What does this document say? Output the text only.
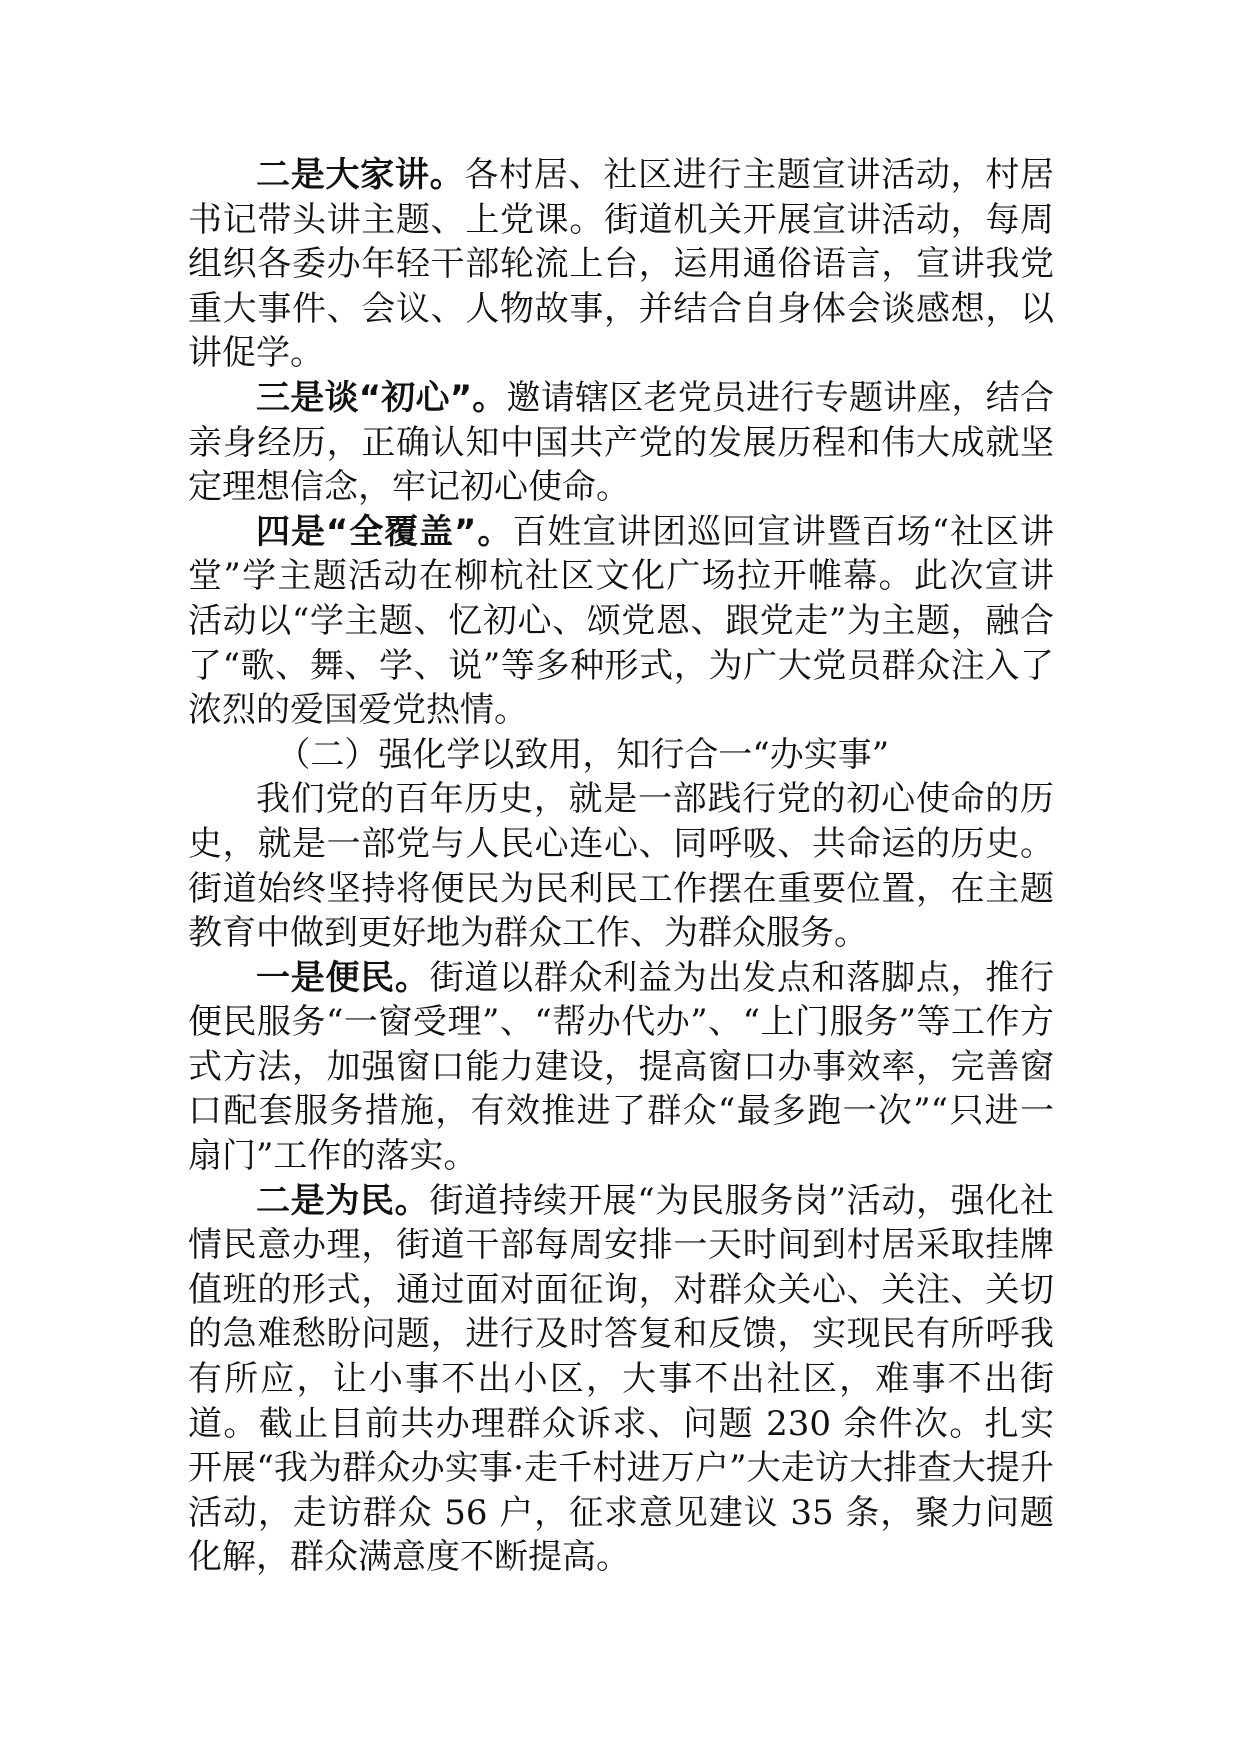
二是大家讲。各村居、社区进行主题宣讲活动，村居书记带头讲主题、上党课。街道机关开展宣讲活动，每周组织各委办年轻干部轮流上台，运用通俗语言，宣讲我党重大事件、会议、人物故事，并结合自身体会谈感想，以讲促学。

三是谈“初心”。邀请辖区老党员进行专题讲座，结合亲身经历，正确认知中国共产党的发展历程和伟大成就坚定理想信念，牢记初心使命。

四是“全覆盖”。百姓宣讲团巡回宣讲暨百场“社区讲堂”学主题活动在柳杭社区文化广场拉开帷幕。此次宣讲活动以“学主题、忆初心、颂党恩、跟党走”为主题，融合了“歌、舞、学、说”等多种形式，为广大党员群众注入了浓烈的爱国爱党热情。

（二）强化学以致用，知行合一“办实事”

我们党的百年历史，就是一部践行党的初心使命的历史，就是一部党与人民心连心、同呼吸、共命运的历史。街道始终坚持将便民为民利民工作摆在重要位置，在主题教育中做到更好地为群众工作、为群众服务。

一是便民。街道以群众利益为出发点和落脚点，推行便民服务“一窗受理”、“帮办代办”、“上门服务”等工作方式方法，加强窗口能力建设，提高窗口办事效率，完善窗口配套服务措施，有效推进了群众“最多跑一次”“只进一扇门”工作的落实。

二是为民。街道持续开展“为民服务岗”活动，强化社情民意办理，街道干部每周安排一天时间到村居采取挂牌值班的形式，通过面对面征询，对群众关心、关注、关切的急难愁盼问题，进行及时答复和反馈，实现民有所呼我有所应，让小事不出小区，大事不出社区，难事不出街道。截止目前共办理群众诉求、问题 230 余件次。扎实开展“我为群众办实事·走千村进万户”大走访大排查大提升活动，走访群众 56 户，征求意见建议 35 条，聚力问题化解，群众满意度不断提高。
